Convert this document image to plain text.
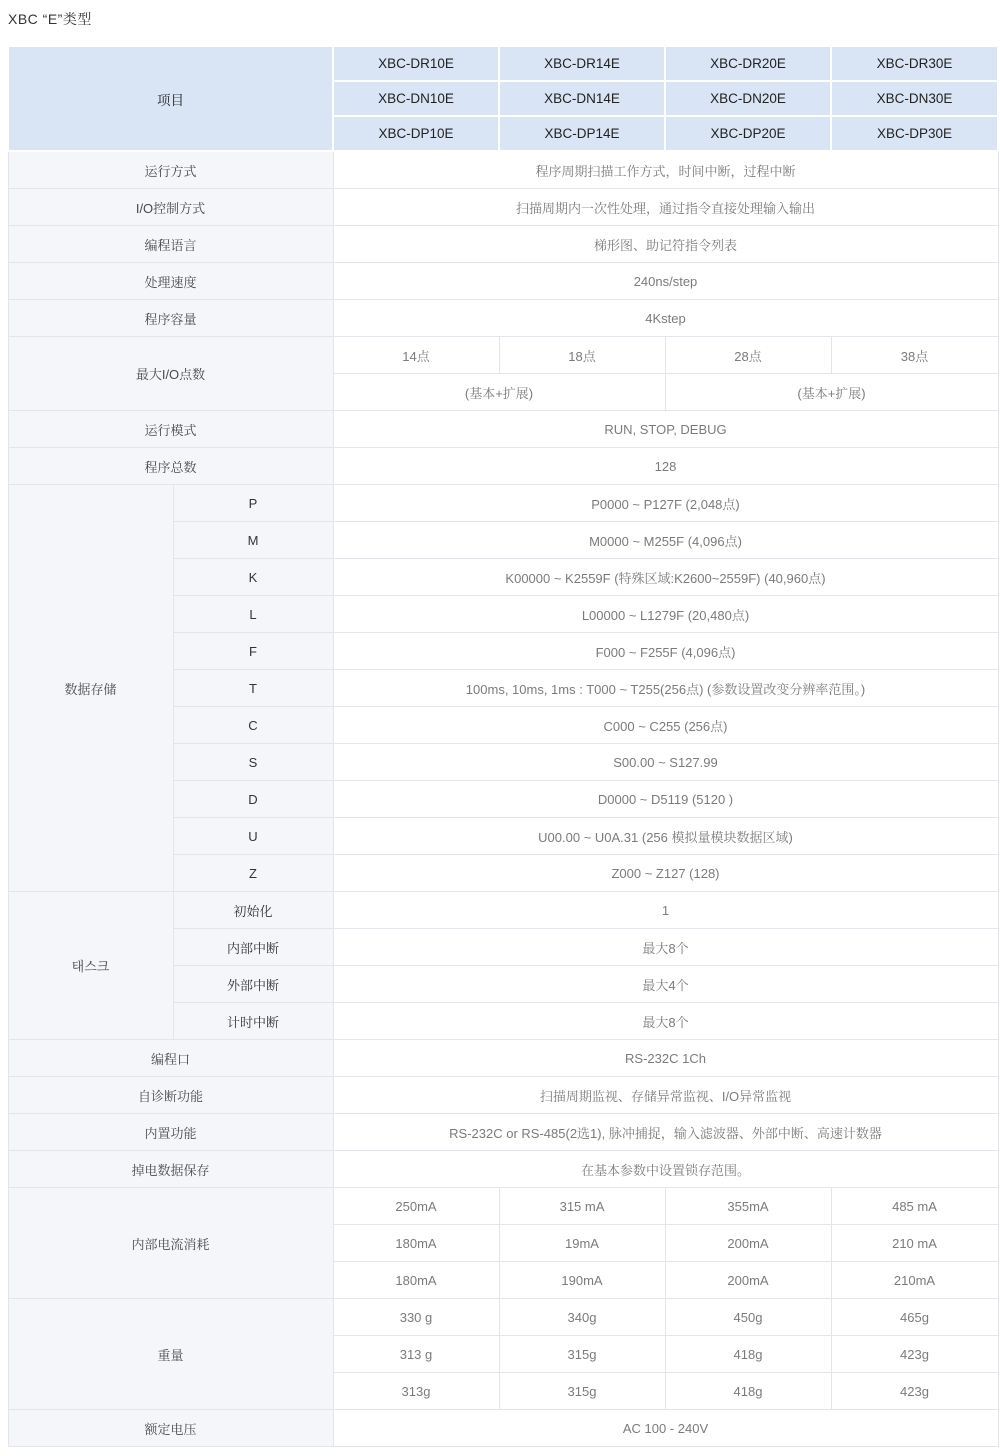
XBC “E”类型
项目		XBC-DR10E	XBC-DR14E	XBC-DR20E	XBC-DR30E
		XBC-DN10E	XBC-DN14E	XBC-DN20E	XBC-DN30E
		XBC-DP10E	XBC-DP14E	XBC-DP20E	XBC-DP30E
运行方式		程序周期扫描工作方式，时间中断，过程中断			
I/O控制方式		扫描周期内一次性处理，通过指令直接处理输入输出			
编程语言		梯形图、助记符指令列表			
处理速度		240ns/step			
程序容量		4Kstep			
最大I/O点数		14点	18点	28点	38点
		(基本+扩展)		(基本+扩展)	
运行模式		RUN, STOP, DEBUG			
程序总数		128			
数据存储	P	P0000 ~ P127F (2,048点)			
	M	M0000 ~ M255F (4,096点)			
	K	K00000 ~ K2559F (特殊区域:K2600~2559F) (40,960点)			
	L	L00000 ~ L1279F (20,480点)			
	F	F000 ~ F255F (4,096点)			
	T	100ms, 10ms, 1ms : T000 ~ T255(256点) (参数设置改变分辨率范围。)			
	C	C000 ~ C255 (256点)			
	S	S00.00 ~ S127.99			
	D	D0000 ~ D5119 (5120 )			
	U	U00.00 ~ U0A.31 (256 模拟量模块数据区域)			
	Z	Z000 ~ Z127 (128)			
태스크	初始化	1			
	内部中断	最大8个			
	外部中断	最大4个			
	计时中断	最大8个			
编程口		RS-232C 1Ch			
自诊断功能		扫描周期监视、存储异常监视、I/O异常监视			
内置功能		RS-232C or RS-485(2选1), 脉冲捕捉，输入滤波器、外部中断、高速计数器			
掉电数据保存		在基本参数中设置锁存范围。			
内部电流消耗		250mA	315 mA	355mA	485 mA
		180mA	19mA	200mA	210 mA
		180mA	190mA	200mA	210mA
重量		330 g	340g	450g	465g
		313 g	315g	418g	423g
		313g	315g	418g	423g
额定电压		AC 100 - 240V			
